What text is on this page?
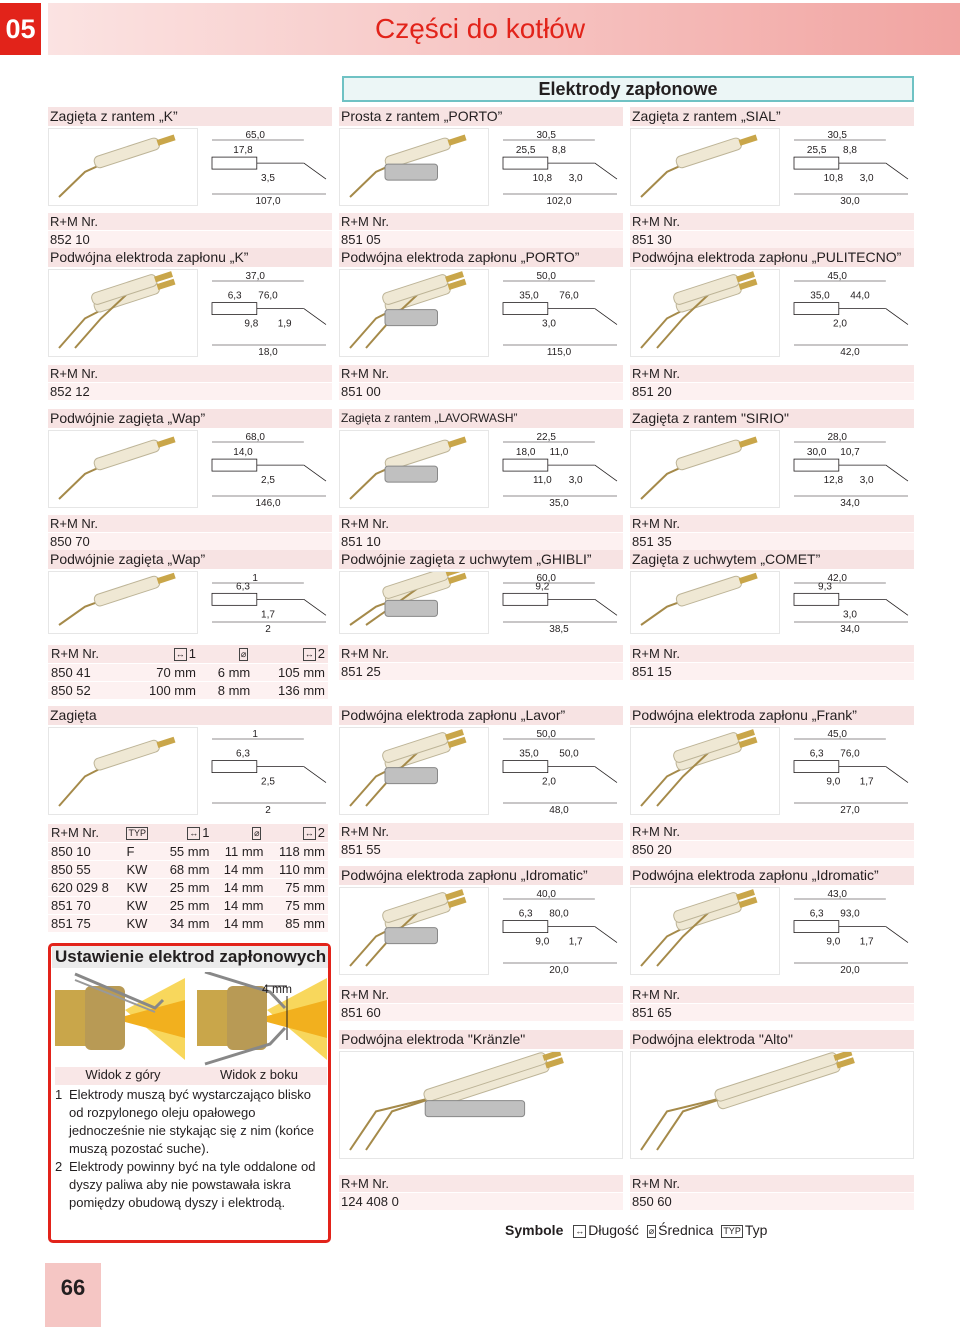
05	Części do kotłów
Elektrody zapłonowe
Zagięta z rantem „K”
65,0
17,8
3,5
107,0
R+M Nr.
852 10
Prosta z rantem „PORTO”
30,5
25,5
10,8
8,8
3,0
102,0
R+M Nr.
851 05
Zagięta z rantem „SIAL”
30,5
25,5
10,8
8,8
3,0
30,0
R+M Nr.
851 30
Podwójna elektroda zapłonu „K”
37,0
6,3
9,8
76,0
1,9
18,0
R+M Nr.
852 12
Podwójna elektroda zapłonu „PORTO”
50,0
35,0
3,0
76,0
115,0
R+M Nr.
851 00
Podwójna elektroda zapłonu „PULITECNO”
45,0
35,0
2,0
44,0
42,0
R+M Nr.
851 20
Podwójnie zagięta „Wap”
68,0
14,0
2,5
146,0
R+M Nr.
850 70
Zagięta z rantem „LAVORWASH”
22,5
18,0
11,0
11,0
3,0
35,0
R+M Nr.
851 10
Zagięta z rantem "SIRIO"
28,0
30,0
12,8
10,7
3,0
34,0
R+M Nr.
851 35
Podwójnie zagięta „Wap”
1
6,3
1,7
2
Podwójnie zagięta z uchwytem „GHIBLI”
60,0
9,2
38,5
R+M Nr.
851 25
Zagięta z uchwytem „COMET”
42,0
9,3
3,0
34,0
R+M Nr.
851 15
Zagięta
1
6,3
2,5
2
Podwójna elektroda zapłonu „Lavor”
50,0
35,0
2,0
50,0
48,0
R+M Nr.
851 55
Podwójna elektroda zapłonu „Frank”
45,0
6,3
9,0
76,0
1,7
27,0
R+M Nr.
850 20
Podwójna elektroda zapłonu „Idromatic”
40,0
6,3
9,0
80,0
1,7
20,0
R+M Nr.
851 60
Podwójna elektroda zapłonu „Idromatic”
43,0
6,3
9,0
93,0
1,7
20,0
R+M Nr.
851 65
Podwójna elektroda "Kränzle"
R+M Nr.
124 408 0
Podwójna elektroda "Alto"
R+M Nr.
850 60
R+M Nr.	↔ 1	⌀	↔ 2
850 41	70 mm	6 mm	105 mm
850 52	100 mm	8 mm	136 mm
R+M Nr.	TYP	↔ 1	⌀	↔ 2
850 10	F	55 mm	11 mm	118 mm
850 55	KW	68 mm	14 mm	110 mm
620 029 8	KW	25 mm	14 mm	75 mm
851 70	KW	25 mm	14 mm	75 mm
851 75	KW	34 mm	14 mm	85 mm
Ustawienie elektrod zapłonowych
4 mm
Widok z góry	Widok z boku
1 Elektrody muszą być wystarczająco blisko od rozpylonego oleju opałowego jednocześnie nie stykając się z nim (końce muszą pozostać suche).
2 Elektrody powinny być na tyle oddalone od dyszy paliwa aby nie powstawała iskra pomiędzy obudową dyszy i elektrodą.
Symbole ↔ Długość ⌀ Średnica TYP Typ
66
